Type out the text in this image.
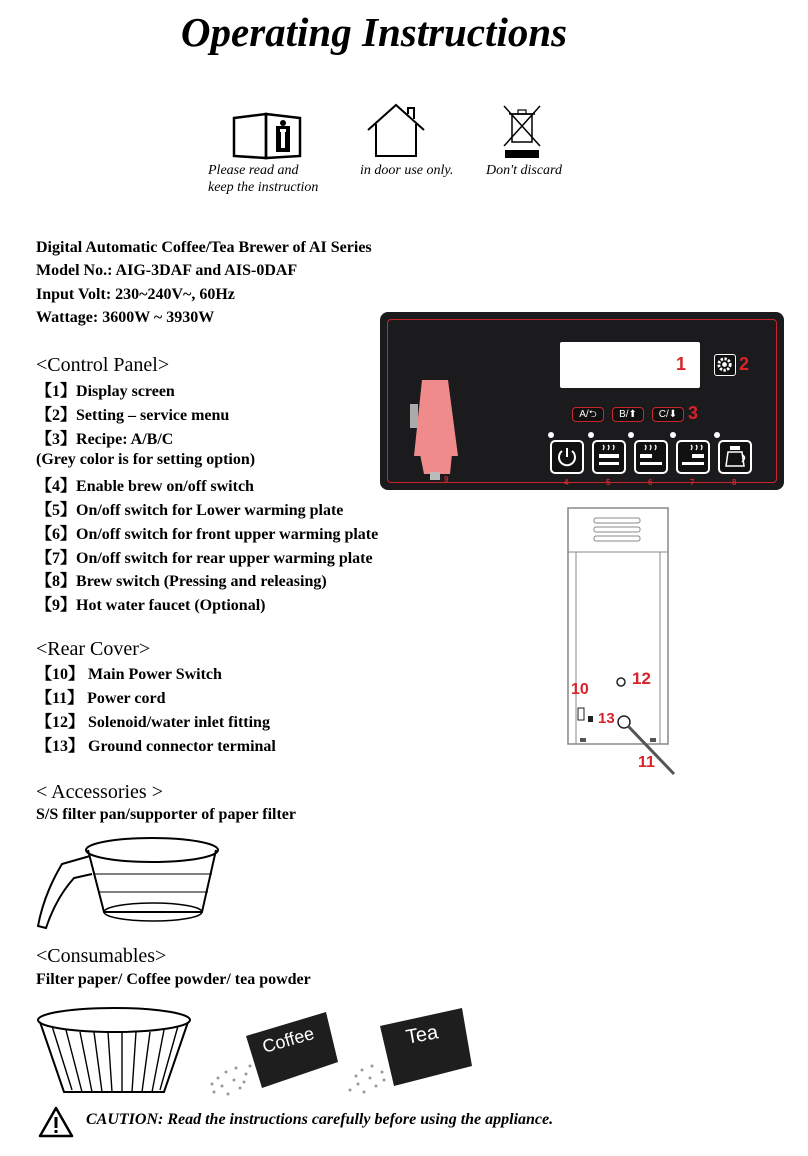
Operating Instructions
Please read and
keep the instruction
in door use only. Don't discard
Digital Automatic Coffee/Tea Brewer of AI Series
Model No.: AIG-3DAF and AIS-0DAF
Input Volt: 230~240V~, 60Hz
Wattage: 3600W ~ 3930W
<Control Panel>
【1】Display screen
【2】Setting – service menu
【3】Recipe: A/B/C
(Grey color is for setting option)
【4】Enable brew on/off switch
【5】On/off switch for Lower warming plate
【6】On/off switch for front upper warming plate
【7】On/off switch for rear upper warming plate
【8】Brew switch (Pressing and releasing)
【9】Hot water faucet (Optional)
9
1	2
A/⮌	B/⬆	C/⬇ 3
4	5	6	7	8
<Rear Cover>
【10】 Main Power Switch
【11】 Power cord
【12】 Solenoid/water inlet fitting
【13】 Ground connector terminal
10
12
13
11
< Accessories >
S/S filter pan/supporter of paper filter
<Consumables>
Filter paper/ Coffee powder/ tea powder
Coffee	Tea
CAUTION: Read the instructions carefully before using the appliance.
